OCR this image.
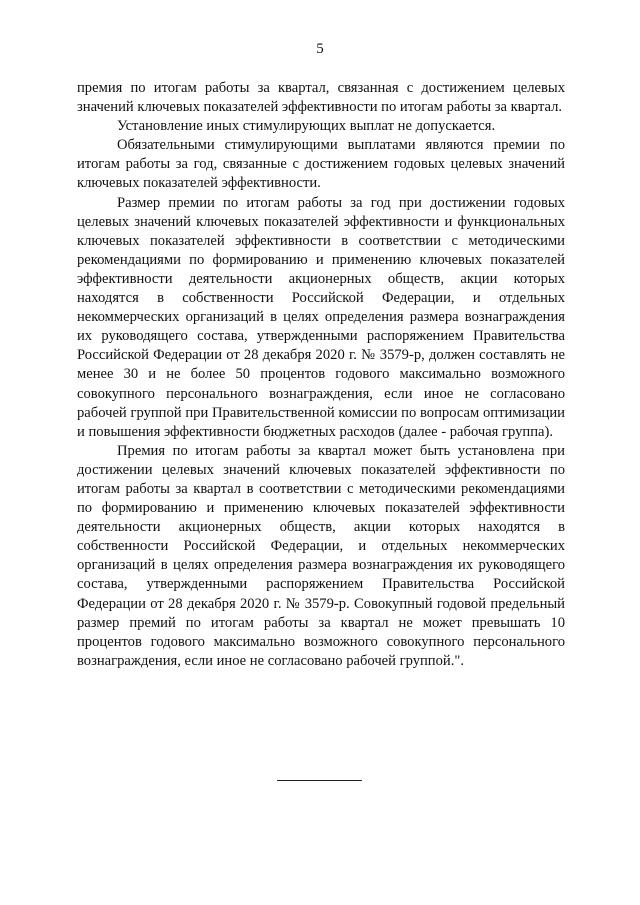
5

премия по итогам работы за квартал, связанная с достижением целевых значений ключевых показателей эффективности по итогам работы за квартал.

Установление иных стимулирующих выплат не допускается.

Обязательными стимулирующими выплатами являются премии по итогам работы за год, связанные с достижением годовых целевых значений ключевых показателей эффективности.

Размер премии по итогам работы за год при достижении годовых целевых значений ключевых показателей эффективности и функциональных ключевых показателей эффективности в соответствии с методическими рекомендациями по формированию и применению ключевых показателей эффективности деятельности акционерных обществ, акции которых находятся в собственности Российской Федерации, и отдельных некоммерческих организаций в целях определения размера вознаграждения их руководящего состава, утвержденными распоряжением Правительства Российской Федерации от 28 декабря 2020 г. № 3579-р, должен составлять не менее 30 и не более 50 процентов годового максимально возможного совокупного персонального вознаграждения, если иное не согласовано рабочей группой при Правительственной комиссии по вопросам оптимизации и повышения эффективности бюджетных расходов (далее - рабочая группа).

Премия по итогам работы за квартал может быть установлена при достижении целевых значений ключевых показателей эффективности по итогам работы за квартал в соответствии с методическими рекомендациями по формированию и применению ключевых показателей эффективности деятельности акционерных обществ, акции которых находятся в собственности Российской Федерации, и отдельных некоммерческих организаций в целях определения размера вознаграждения их руководящего состава, утвержденными распоряжением Правительства Российской Федерации от 28 декабря 2020 г. № 3579-р. Совокупный годовой предельный размер премий по итогам работы за квартал не может превышать 10 процентов годового максимально возможного совокупного персонального вознаграждения, если иное не согласовано рабочей группой.".
